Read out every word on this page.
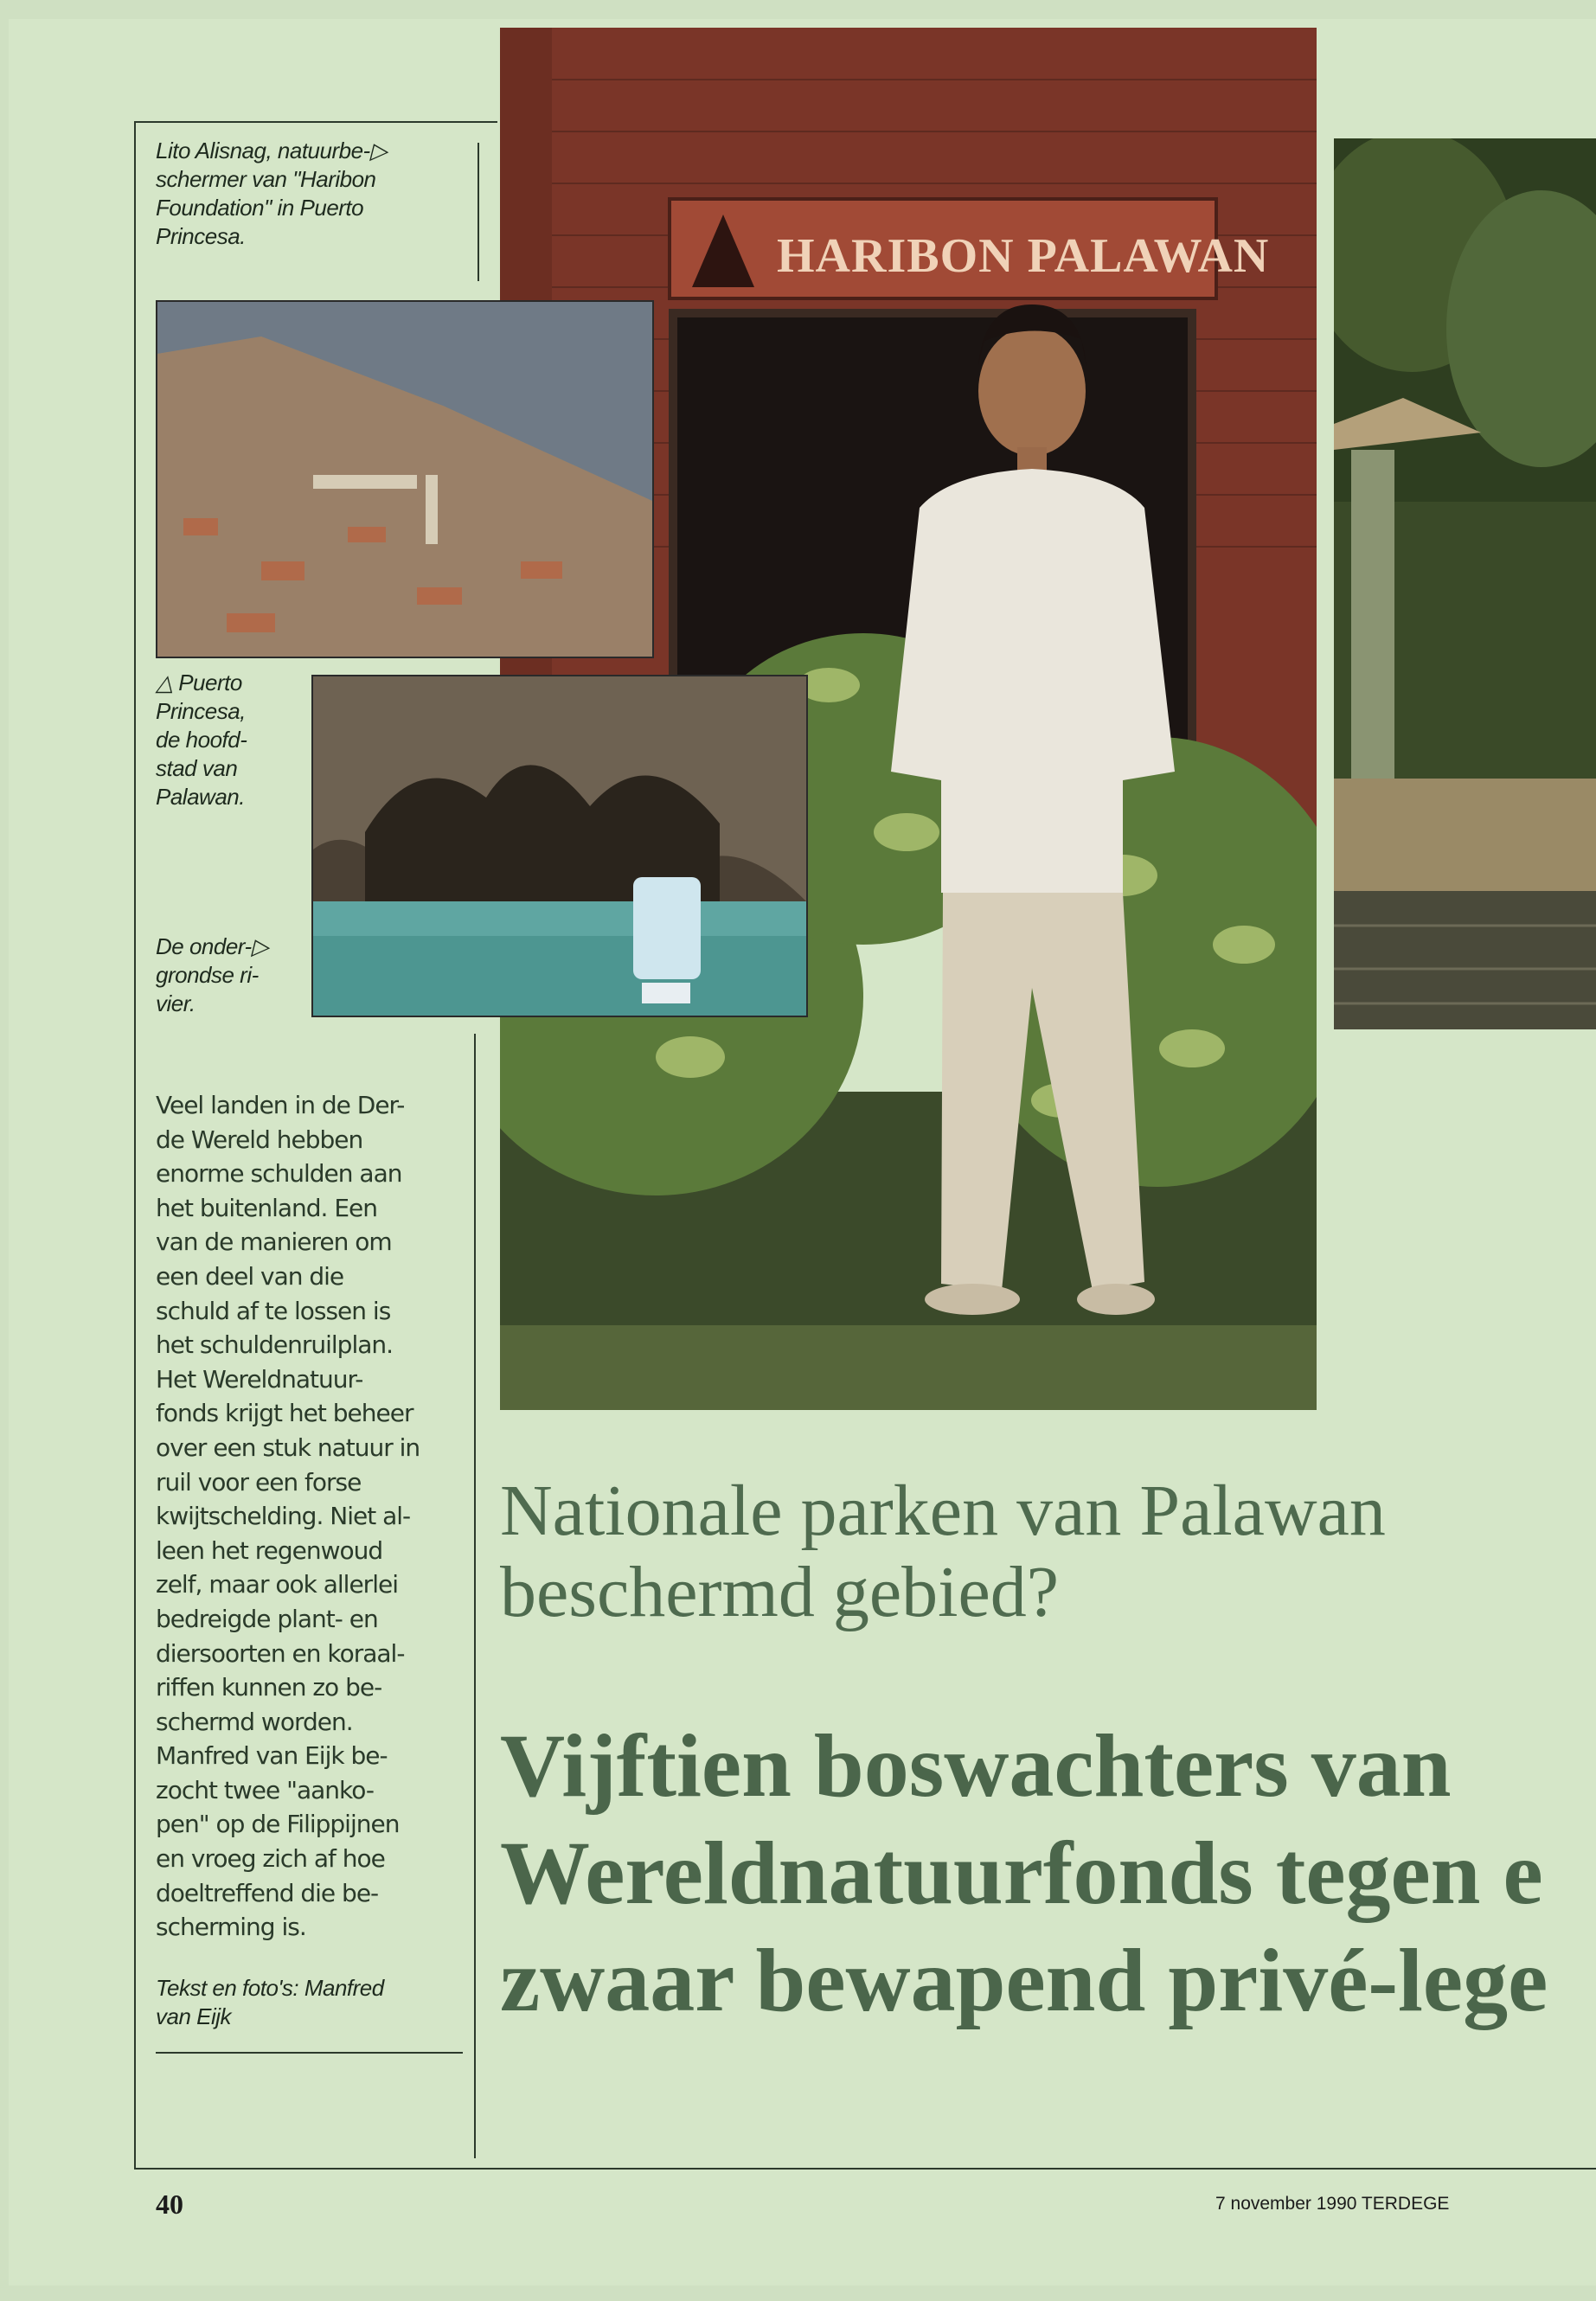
HARIBON PALAWAN

Lito Alisnag, natuurbe-▷
schermer van "Haribon
Foundation" in Puerto
Princesa.

△ Puerto
Princesa,
de hoofd-
stad van
Palawan.

De onder-▷
grondse ri-
vier.

Veel landen in de Der-
de Wereld hebben
enorme schulden aan
het buitenland. Een
van de manieren om
een deel van die
schuld af te lossen is
het schuldenruilplan.
Het Wereldnatuur-
fonds krijgt het beheer
over een stuk natuur in
ruil voor een forse
kwijtschelding. Niet al-
leen het regenwoud
zelf, maar ook allerlei
bedreigde plant- en
diersoorten en koraal-
riffen kunnen zo be-
schermd worden.
Manfred van Eijk be-
zocht twee "aanko-
pen" op de Filippijnen
en vroeg zich af hoe
doeltreffend die be-
scherming is.

Tekst en foto's: Manfred
van Eijk

Nationale parken van Palawan
beschermd gebied?
Vijftien boswachters van
Wereldnatuurfonds tegen e
zwaar bewapend privé-lege

40	7 november 1990 TERDEGE
